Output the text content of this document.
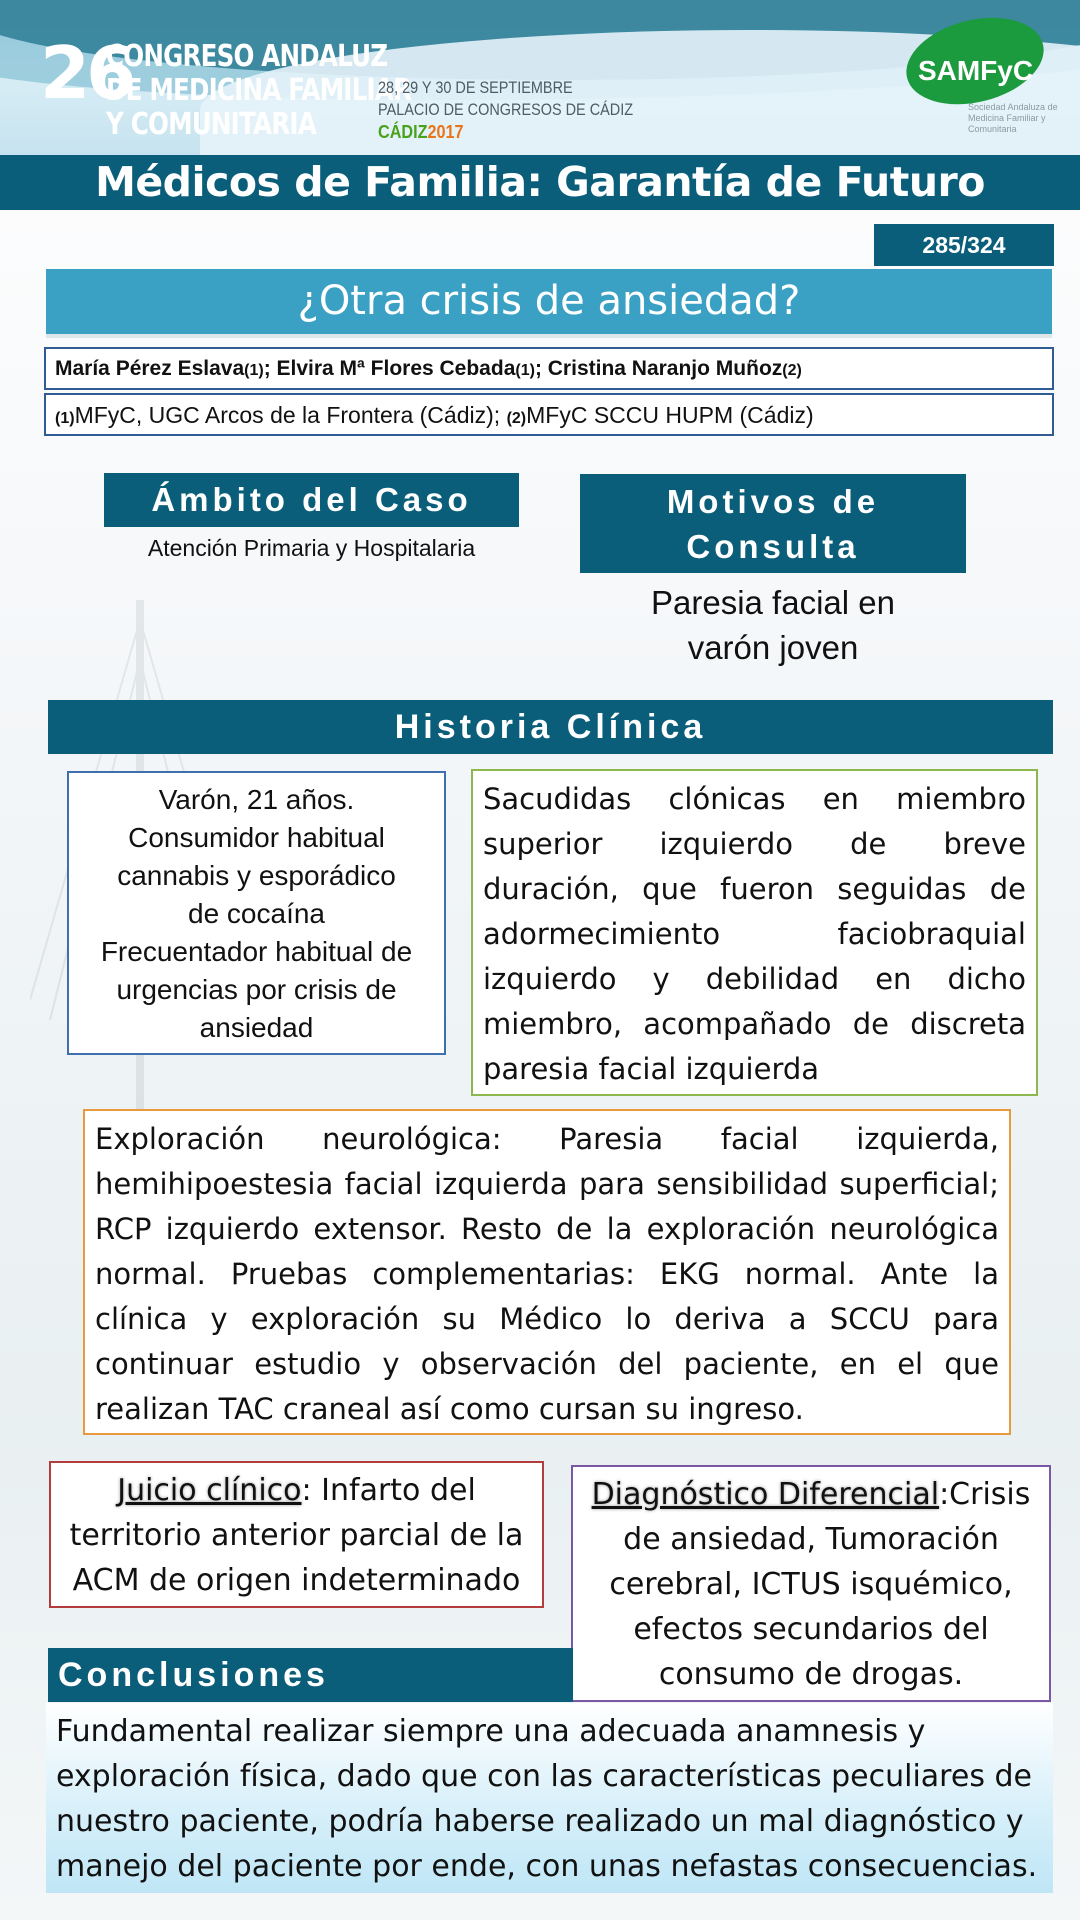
26
CONGRESO ANDALUZ
DE MEDICINA FAMILIAR
Y COMUNITARIA
28, 29 Y 30 DE SEPTIEMBRE
PALACIO DE CONGRESOS DE CÁDIZ
CÁDIZ2017
SAMFyC
Sociedad Andaluza de Medicina Familiar y Comunitaria
Médicos de Familia: Garantía de Futuro
285/324
¿Otra crisis de ansiedad?
María Pérez Eslava(1); Elvira Mª Flores Cebada(1); Cristina Naranjo Muñoz(2)
(1)MFyC, UGC Arcos de la Frontera (Cádiz); (2)MFyC SCCU HUPM (Cádiz)
Ámbito del Caso
Atención Primaria y Hospitalaria
Motivos de
Consulta
Paresia facial en
varón joven
Historia Clínica
Varón, 21 años.
Consumidor habitual
cannabis y esporádico
de cocaína
Frecuentador habitual de
urgencias por crisis de
ansiedad
Sacudidas clónicas en miembro superior izquierdo de breve duración, que fueron seguidas de adormecimiento faciobraquial izquierdo y debilidad en dicho miembro, acompañado de discreta paresia facial izquierda
Exploración neurológica: Paresia facial izquierda, hemihipoestesia facial izquierda para sensibilidad superficial; RCP izquierdo extensor. Resto de la exploración neurológica normal. Pruebas complementarias: EKG normal. Ante la clínica y exploración su Médico lo deriva a SCCU para continuar estudio y observación del paciente, en el que realizan TAC craneal así como cursan su ingreso.
Juicio clínico: Infarto del territorio anterior parcial de la ACM de origen indeterminado
Diagnóstico Diferencial:Crisis de ansiedad, Tumoración cerebral, ICTUS isquémico, efectos secundarios del consumo de drogas.
Conclusiones
Fundamental realizar siempre una adecuada anamnesis y exploración física, dado que con las características peculiares de nuestro paciente, podría haberse realizado un mal diagnóstico y manejo del paciente por ende, con unas nefastas consecuencias.
